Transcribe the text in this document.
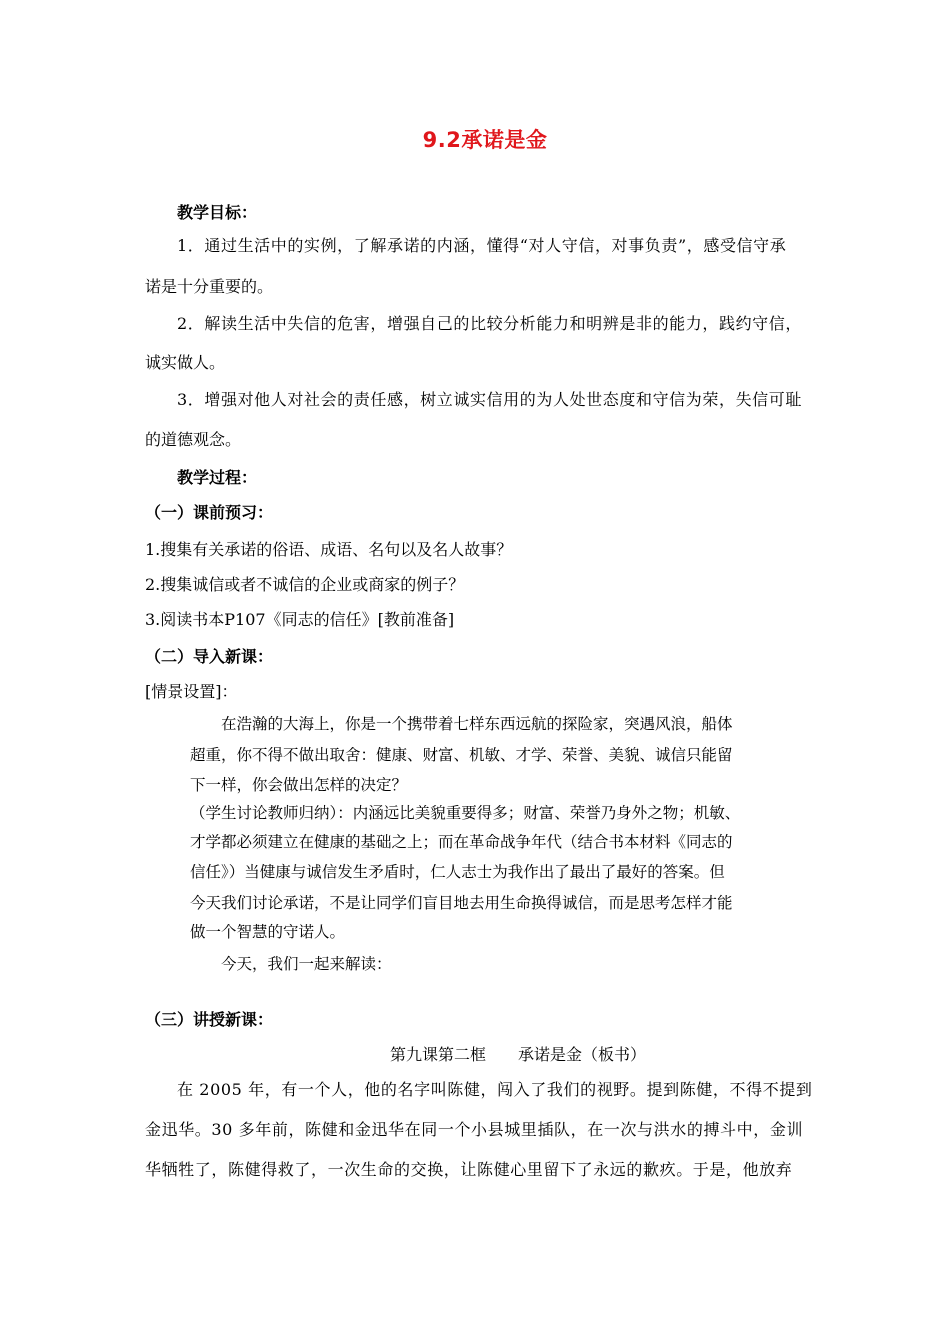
9.2承诺是金
教学目标：
1．通过生活中的实例，了解承诺的内涵，懂得“对人守信，对事负责”，感受信守承
诺是十分重要的。
2．解读生活中失信的危害，增强自己的比较分析能力和明辨是非的能力，践约守信，
诚实做人。
3．增强对他人对社会的责任感，树立诚实信用的为人处世态度和守信为荣，失信可耻
的道德观念。
教学过程：
（一）课前预习：
1.搜集有关承诺的俗语、成语、名句以及名人故事？
2.搜集诚信或者不诚信的企业或商家的例子？
3.阅读书本P107《同志的信任》[教前准备]
（二）导入新课：
[情景设置]：
在浩瀚的大海上，你是一个携带着七样东西远航的探险家，突遇风浪，船体
超重，你不得不做出取舍：健康、财富、机敏、才学、荣誉、美貌、诚信只能留
下一样，你会做出怎样的决定？
（学生讨论教师归纳）：内涵远比美貌重要得多；财富、荣誉乃身外之物；机敏、
才学都必须建立在健康的基础之上；而在革命战争年代（结合书本材料《同志的
信任》）当健康与诚信发生矛盾时，仁人志士为我作出了最出了最好的答案。但
今天我们讨论承诺，不是让同学们盲目地去用生命换得诚信，而是思考怎样才能
做一个智慧的守诺人。
今天，我们一起来解读：
（三）讲授新课：
第九课第二框　　承诺是金（板书）
在 2005 年，有一个人，他的名字叫陈健，闯入了我们的视野。提到陈健，不得不提到
金迅华。30 多年前，陈健和金迅华在同一个小县城里插队，在一次与洪水的搏斗中，金训
华牺牲了，陈健得救了，一次生命的交换，让陈健心里留下了永远的歉疚。于是，他放弃
